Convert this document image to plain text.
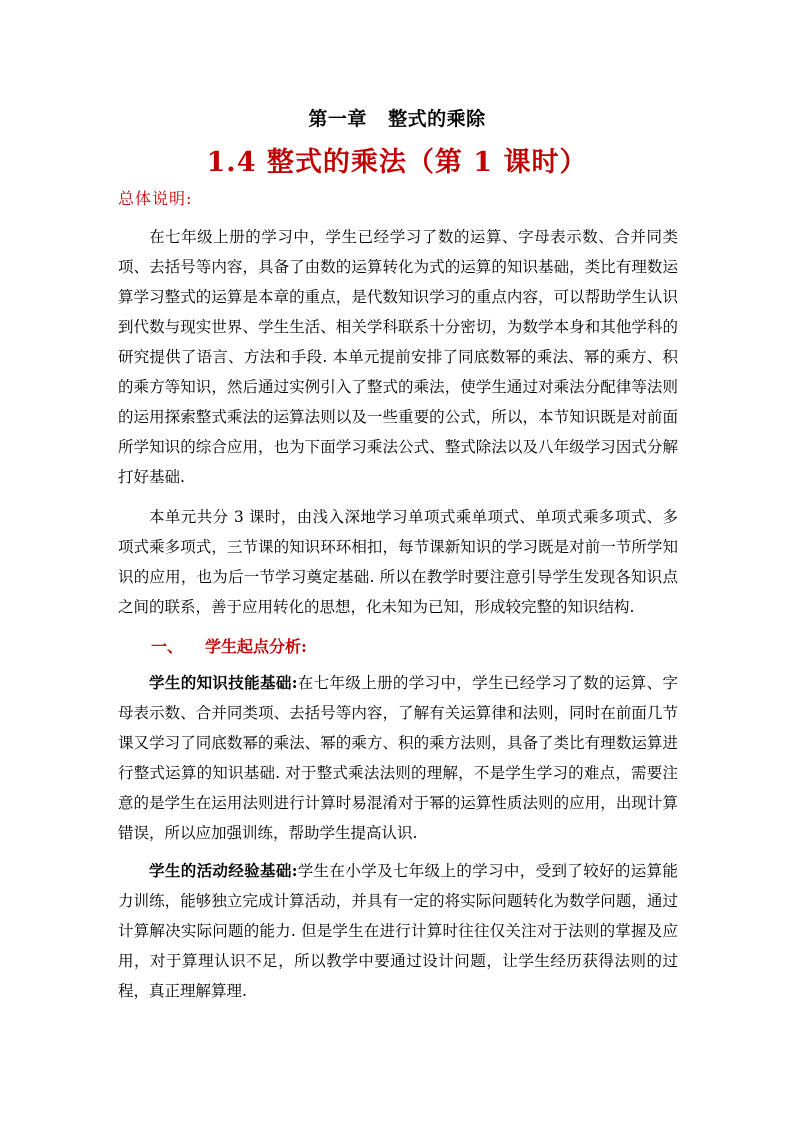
第一章   整式的乘除
1.4 整式的乘法（第 1 课时）
总体说明:
在七年级上册的学习中，学生已经学习了数的运算、字母表示数、合并同类项、去括号等内容，具备了由数的运算转化为式的运算的知识基础，类比有理数运算学习整式的运算是本章的重点，是代数知识学习的重点内容，可以帮助学生认识到代数与现实世界、学生生活、相关学科联系十分密切，为数学本身和其他学科的研究提供了语言、方法和手段. 本单元提前安排了同底数幂的乘法、幂的乘方、积的乘方等知识，然后通过实例引入了整式的乘法，使学生通过对乘法分配律等法则的运用探索整式乘法的运算法则以及一些重要的公式，所以，本节知识既是对前面所学知识的综合应用，也为下面学习乘法公式、整式除法以及八年级学习因式分解打好基础.
本单元共分 3 课时，由浅入深地学习单项式乘单项式、单项式乘多项式、多项式乘多项式，三节课的知识环环相扣，每节课新知识的学习既是对前一节所学知识的应用，也为后一节学习奠定基础. 所以在教学时要注意引导学生发现各知识点之间的联系，善于应用转化的思想，化未知为已知，形成较完整的知识结构.
一、 学生起点分析:
学生的知识技能基础:在七年级上册的学习中，学生已经学习了数的运算、字母表示数、合并同类项、去括号等内容，了解有关运算律和法则，同时在前面几节课又学习了同底数幂的乘法、幂的乘方、积的乘方法则，具备了类比有理数运算进行整式运算的知识基础. 对于整式乘法法则的理解，不是学生学习的难点，需要注意的是学生在运用法则进行计算时易混淆对于幂的运算性质法则的应用，出现计算错误，所以应加强训练，帮助学生提高认识.
学生的活动经验基础:学生在小学及七年级上的学习中，受到了较好的运算能力训练，能够独立完成计算活动，并具有一定的将实际问题转化为数学问题，通过计算解决实际问题的能力. 但是学生在进行计算时往往仅关注对于法则的掌握及应用，对于算理认识不足，所以教学中要通过设计问题，让学生经历获得法则的过程，真正理解算理.
